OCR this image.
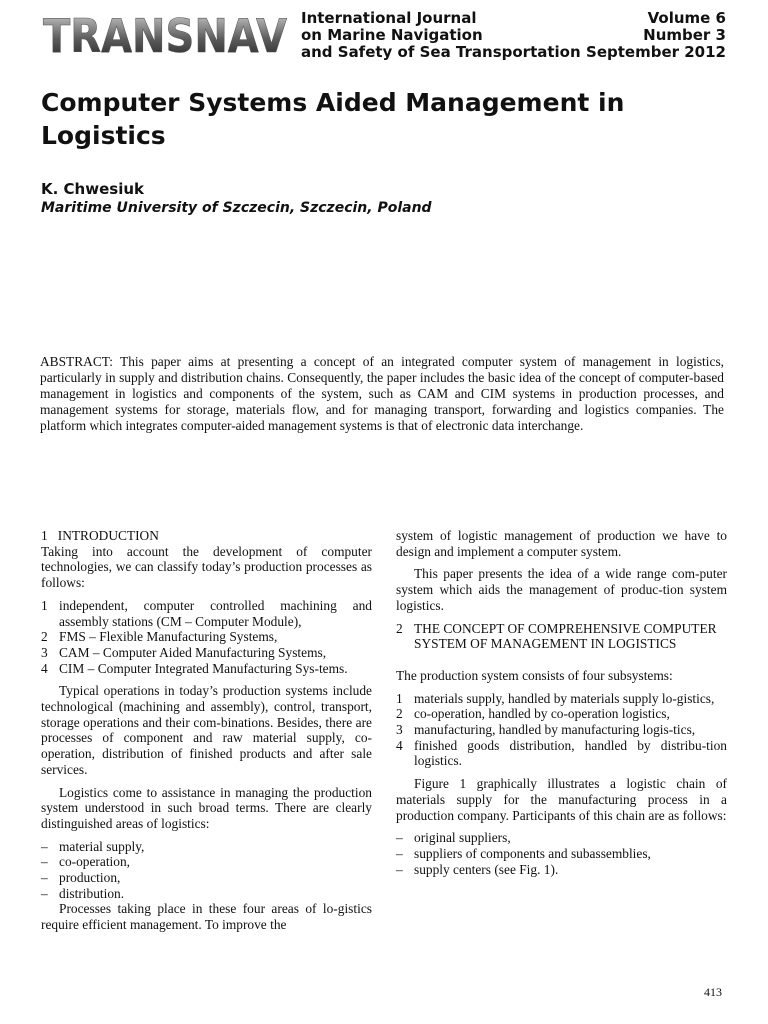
TRANSNAV International Journal
on Marine Navigation
and Safety of Sea Transportation
Volume 6
Number 3
September 2012
Computer Systems Aided Management in Logistics
K. Chwesiuk
Maritime University of Szczecin, Szczecin, Poland

ABSTRACT: This paper aims at presenting a concept of an integrated computer system of management in logistics, particularly in supply and distribution chains. Consequently, the paper includes the basic idea of the concept of computer-based management in logistics and components of the system, such as CAM and CIM systems in production processes, and management systems for storage, materials flow, and for managing transport, forwarding and logistics companies. The platform which integrates computer-aided management systems is that of electronic data interchange.

1   INTRODUCTION

Taking into account the development of computer technologies, we can classify today’s production processes as follows:

1 independent, computer controlled machining and assembly stations (CM – Computer Module),
2 FMS – Flexible Manufacturing Systems,
3 CAM – Computer Aided Manufacturing Systems,
4 CIM – Computer Integrated Manufacturing Sys-tems.

Typical operations in today’s production systems include technological (machining and assembly), control, transport, storage operations and their com-binations. Besides, there are processes of component and raw material supply, co-operation, distribution of finished products and after sale services.

Logistics come to assistance in managing the production system understood in such broad terms. There are clearly distinguished areas of logistics:

– material supply,
– co-operation,
– production,
– distribution.

Processes taking place in these four areas of lo-gistics require efficient management. To improve the

system of logistic management of production we have to design and implement a computer system.

This paper presents the idea of a wide range com-puter system which aids the management of produc-tion system logistics.

2 THE CONCEPT OF COMPREHENSIVE COMPUTER SYSTEM OF MANAGEMENT IN LOGISTICS

The production system consists of four subsystems:

1 materials supply, handled by materials supply lo-gistics,
2 co-operation, handled by co-operation logistics,
3 manufacturing, handled by manufacturing logis-tics,
4 finished goods distribution, handled by distribu-tion logistics.

Figure 1 graphically illustrates a logistic chain of materials supply for the manufacturing process in a production company. Participants of this chain are as follows:

– original suppliers,
– suppliers of components and subassemblies,
– supply centers (see Fig. 1).
413
